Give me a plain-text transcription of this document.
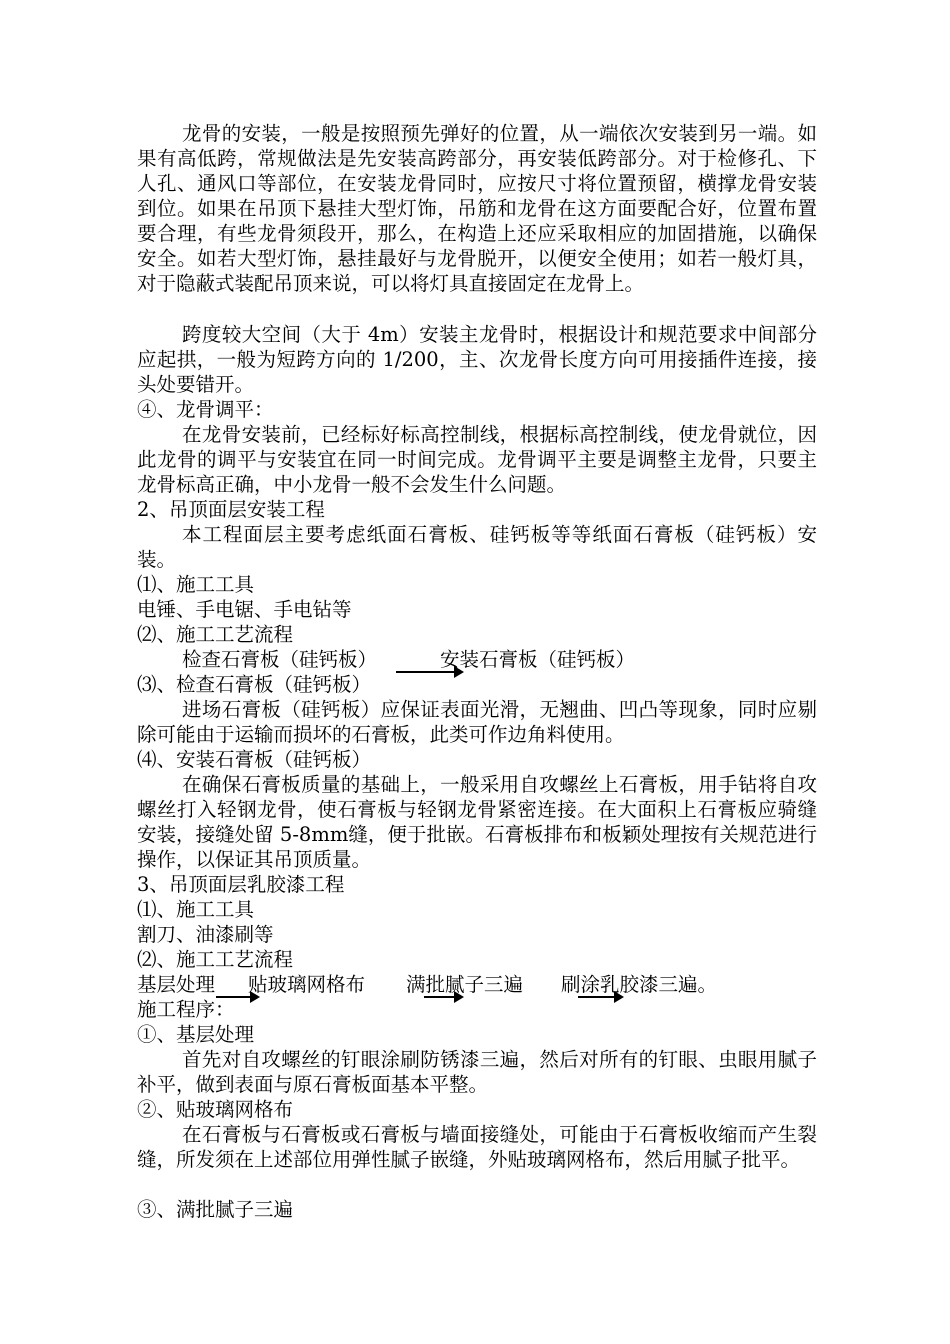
龙骨的安装，一般是按照预先弹好的位置，从一端依次安装到另一端。如果有高低跨，常规做法是先安装高跨部分，再安装低跨部分。对于检修孔、下人孔、通风口等部位，在安装龙骨同时，应按尺寸将位置预留，横撑龙骨安装到位。如果在吊顶下悬挂大型灯饰，吊筋和龙骨在这方面要配合好，位置布置要合理，有些龙骨须段开，那么，在构造上还应采取相应的加固措施，以确保安全。如若大型灯饰，悬挂最好与龙骨脱开，以便安全使用；如若一般灯具，对于隐蔽式装配吊顶来说，可以将灯具直接固定在龙骨上。
跨度较大空间（大于 4m）安装主龙骨时，根据设计和规范要求中间部分应起拱，一般为短跨方向的 1/200，主、次龙骨长度方向可用接插件连接，接头处要错开。
④、龙骨调平：
在龙骨安装前，已经标好标高控制线，根据标高控制线，使龙骨就位，因此龙骨的调平与安装宜在同一时间完成。龙骨调平主要是调整主龙骨，只要主龙骨标高正确，中小龙骨一般不会发生什么问题。
2、吊顶面层安装工程
本工程面层主要考虑纸面石膏板、硅钙板等等纸面石膏板（硅钙板）安装。
⑴、施工工具
电锤、手电锯、手电钻等
⑵、施工工艺流程
检查石膏板（硅钙板）	安装石膏板（硅钙板）
⑶、检查石膏板（硅钙板）
进场石膏板（硅钙板）应保证表面光滑，无翘曲、凹凸等现象，同时应剔除可能由于运输而损坏的石膏板，此类可作边角料使用。
⑷、安装石膏板（硅钙板）
在确保石膏板质量的基础上，一般采用自攻螺丝上石膏板，用手钻将自攻螺丝打入轻钢龙骨，使石膏板与轻钢龙骨紧密连接。在大面积上石膏板应骑缝安装，接缝处留 5-8mm缝，便于批嵌。石膏板排布和板颖处理按有关规范进行操作，以保证其吊顶质量。
3、吊顶面层乳胶漆工程
⑴、施工工具
割刀、油漆刷等
⑵、施工工艺流程
基层处理 贴玻璃网格布 满批腻子三遍 刷涂乳胶漆三遍。
施工程序：
①、基层处理
首先对自攻螺丝的钉眼涂刷防锈漆三遍，然后对所有的钉眼、虫眼用腻子补平，做到表面与原石膏板面基本平整。
②、贴玻璃网格布
在石膏板与石膏板或石膏板与墙面接缝处，可能由于石膏板收缩而产生裂缝，所发须在上述部位用弹性腻子嵌缝，外贴玻璃网格布，然后用腻子批平。
③、满批腻子三遍
